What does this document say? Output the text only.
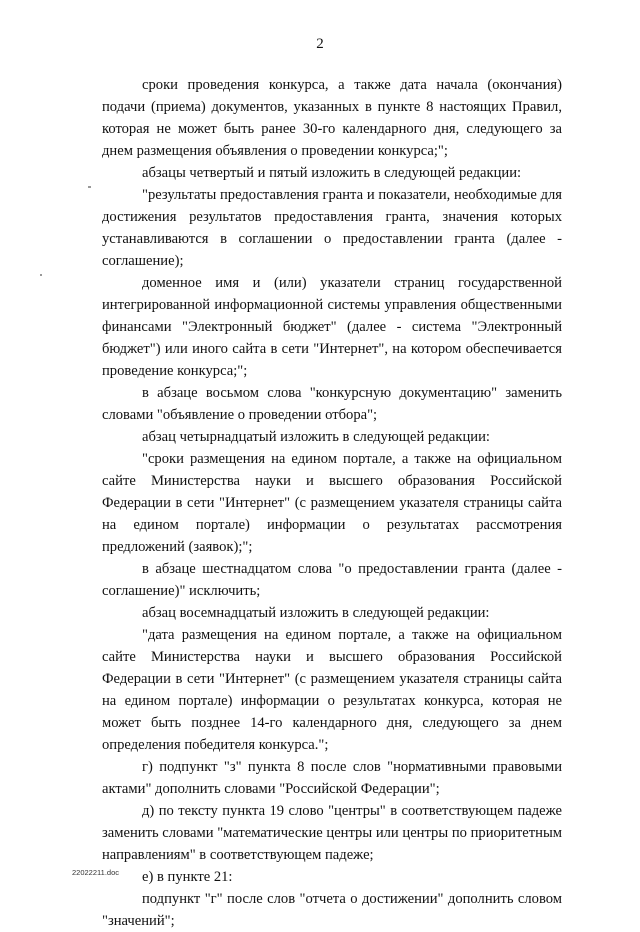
2

сроки проведения конкурса, а также дата начала (окончания) подачи (приема) документов, указанных в пункте 8 настоящих Правил, которая не может быть ранее 30-го календарного дня, следующего за днем размещения объявления о проведении конкурса;";

абзацы четвертый и пятый изложить в следующей редакции:

"результаты предоставления гранта и показатели, необходимые для достижения результатов предоставления гранта, значения которых устанавливаются в соглашении о предоставлении гранта (далее - соглашение);

доменное имя и (или) указатели страниц государственной интегрированной информационной системы управления общественными финансами "Электронный бюджет" (далее - система "Электронный бюджет") или иного сайта в сети "Интернет", на котором обеспечивается проведение конкурса;";

в абзаце восьмом слова "конкурсную документацию" заменить словами "объявление о проведении отбора";

абзац четырнадцатый изложить в следующей редакции:

"сроки размещения на едином портале, а также на официальном сайте Министерства науки и высшего образования Российской Федерации в сети "Интернет" (с размещением указателя страницы сайта на едином портале) информации о результатах рассмотрения предложений (заявок);";

в абзаце шестнадцатом слова "о предоставлении гранта (далее - соглашение)" исключить;

абзац восемнадцатый изложить в следующей редакции:

"дата размещения на едином портале, а также на официальном сайте Министерства науки и высшего образования Российской Федерации в сети "Интернет" (с размещением указателя страницы сайта на едином портале) информации о результатах конкурса, которая не может быть позднее 14-го календарного дня, следующего за днем определения победителя конкурса.";

г) подпункт "з" пункта 8 после слов "нормативными правовыми актами" дополнить словами "Российской Федерации";

д) по тексту пункта 19 слово "центры" в соответствующем падеже заменить словами "математические центры или центры по приоритетным направлениям" в соответствующем падеже;

е) в пункте 21:

подпункт "г" после слов "отчета о достижении" дополнить словом "значений";

22022211.doc
